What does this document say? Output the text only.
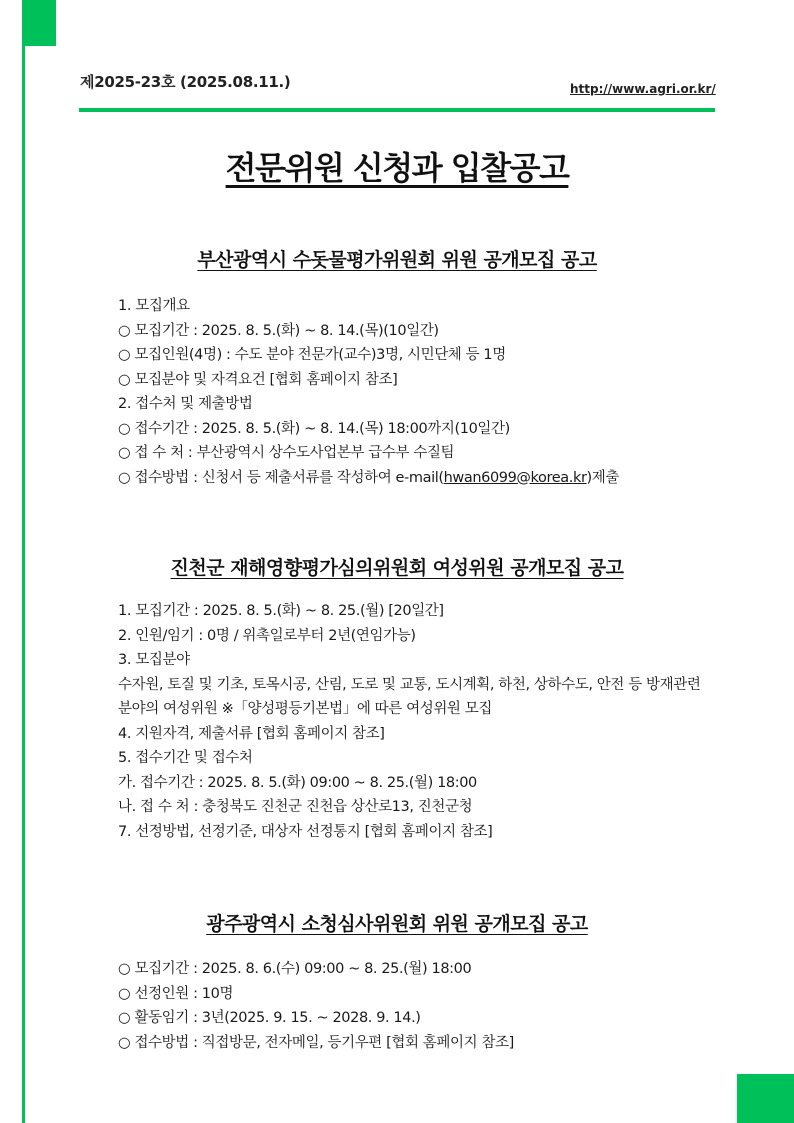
제2025-23호 (2025.08.11.)	http://www.agri.or.kr/
전문위원 신청과 입찰공고
부산광역시 수돗물평가위원회 위원 공개모집 공고
1. 모집개요
○ 모집기간 : 2025. 8. 5.(화) ~ 8. 14.(목)(10일간)
○ 모집인원(4명) : 수도 분야 전문가(교수)3명, 시민단체 등 1명
○ 모집분야 및 자격요건 [협회 홈페이지 참조]
2. 접수처 및 제출방법
○ 접수기간 : 2025. 8. 5.(화) ~ 8. 14.(목) 18:00까지(10일간)
○ 접 수 처 : 부산광역시 상수도사업본부 급수부 수질팀
○ 접수방법 : 신청서 등 제출서류를 작성하여 e-mail(hwan6099@korea.kr)제출
진천군 재해영향평가심의위원회 여성위원 공개모집 공고
1. 모집기간 : 2025. 8. 5.(화) ~ 8. 25.(월) [20일간]
2. 인원/임기 : 0명 / 위촉일로부터 2년(연임가능)
3. 모집분야
수자원, 토질 및 기초, 토목시공, 산림, 도로 및 교통, 도시계획, 하천, 상하수도, 안전 등 방재관련 분야의 여성위원 ※「양성평등기본법」에 따른 여성위원 모집
4. 지원자격, 제출서류 [협회 홈페이지 참조]
5. 접수기간 및 접수처
가. 접수기간 : 2025. 8. 5.(화) 09:00 ~ 8. 25.(월) 18:00
나. 접 수 처 : 충청북도 진천군 진천읍 상산로13, 진천군청
7. 선정방법, 선정기준, 대상자 선정통지 [협회 홈페이지 참조]
광주광역시 소청심사위원회 위원 공개모집 공고
○ 모집기간 : 2025. 8. 6.(수) 09:00 ~ 8. 25.(월) 18:00
○ 선정인원 : 10명
○ 활동임기 : 3년(2025. 9. 15. ~ 2028. 9. 14.)
○ 접수방법 : 직접방문, 전자메일, 등기우편 [협회 홈페이지 참조]
